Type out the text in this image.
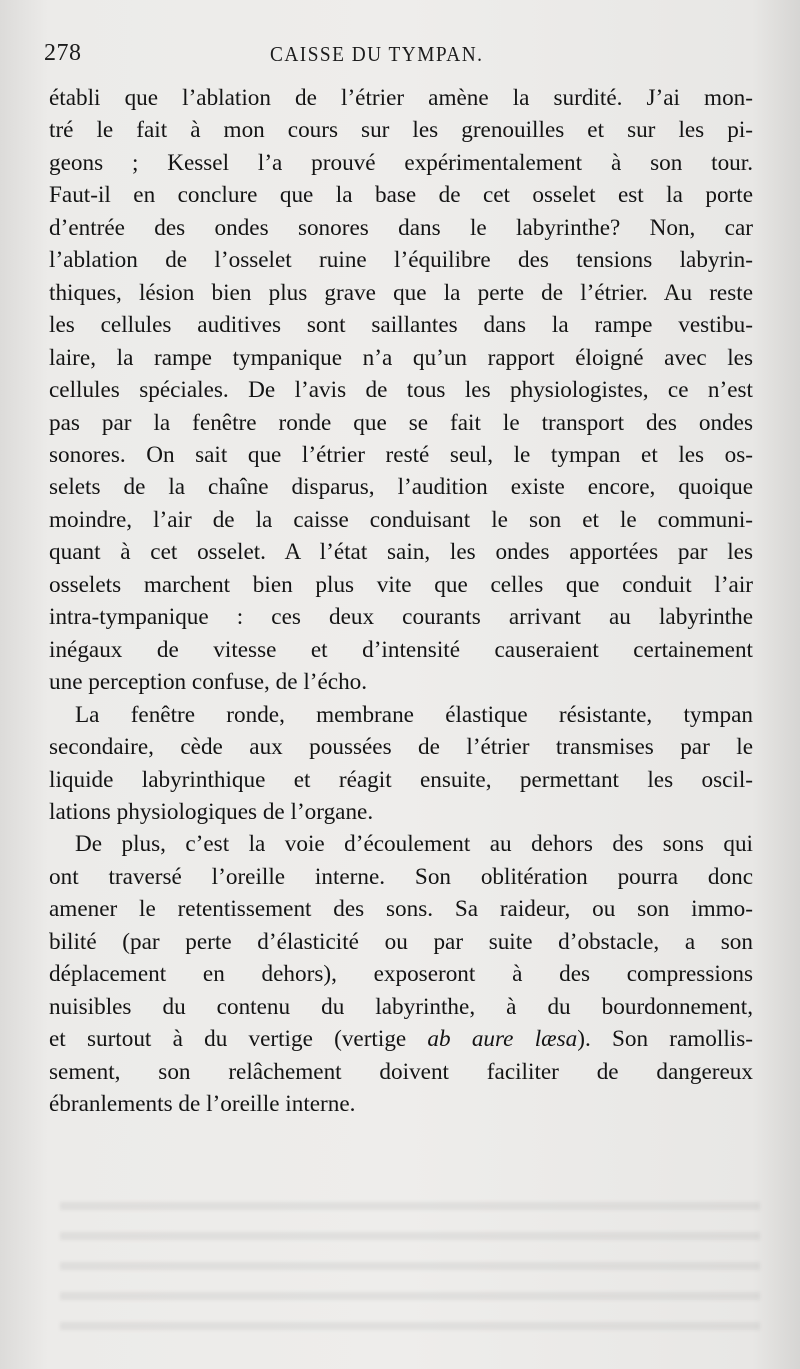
278	CAISSE DU TYMPAN.

établi que l’ablation de l’étrier amène la surdité. J’ai mon-
tré le fait à mon cours sur les grenouilles et sur les pi-
geons ; Kessel l’a prouvé expérimentalement à son tour.
Faut-il en conclure que la base de cet osselet est la porte
d’entrée des ondes sonores dans le labyrinthe? Non, car
l’ablation de l’osselet ruine l’équilibre des tensions labyrin-
thiques, lésion bien plus grave que la perte de l’étrier. Au reste
les cellules auditives sont saillantes dans la rampe vestibu-
laire, la rampe tympanique n’a qu’un rapport éloigné avec les
cellules spéciales. De l’avis de tous les physiologistes, ce n’est
pas par la fenêtre ronde que se fait le transport des ondes
sonores. On sait que l’étrier resté seul, le tympan et les os-
selets de la chaîne disparus, l’audition existe encore, quoique
moindre, l’air de la caisse conduisant le son et le communi-
quant à cet osselet. A l’état sain, les ondes apportées par les
osselets marchent bien plus vite que celles que conduit l’air
intra-tympanique : ces deux courants arrivant au labyrinthe
inégaux de vitesse et d’intensité causeraient certainement
une perception confuse, de l’écho.

La fenêtre ronde, membrane élastique résistante, tympan
secondaire, cède aux poussées de l’étrier transmises par le
liquide labyrinthique et réagit ensuite, permettant les oscil-
lations physiologiques de l’organe.

De plus, c’est la voie d’écoulement au dehors des sons qui
ont traversé l’oreille interne. Son oblitération pourra donc
amener le retentissement des sons. Sa raideur, ou son immo-
bilité (par perte d’élasticité ou par suite d’obstacle, a son
déplacement en dehors), exposeront à des compressions
nuisibles du contenu du labyrinthe, à du bourdonnement,
et surtout à du vertige (vertige ab aure læsa). Son ramollis-
sement, son relâchement doivent faciliter de dangereux
ébranlements de l’oreille interne.
